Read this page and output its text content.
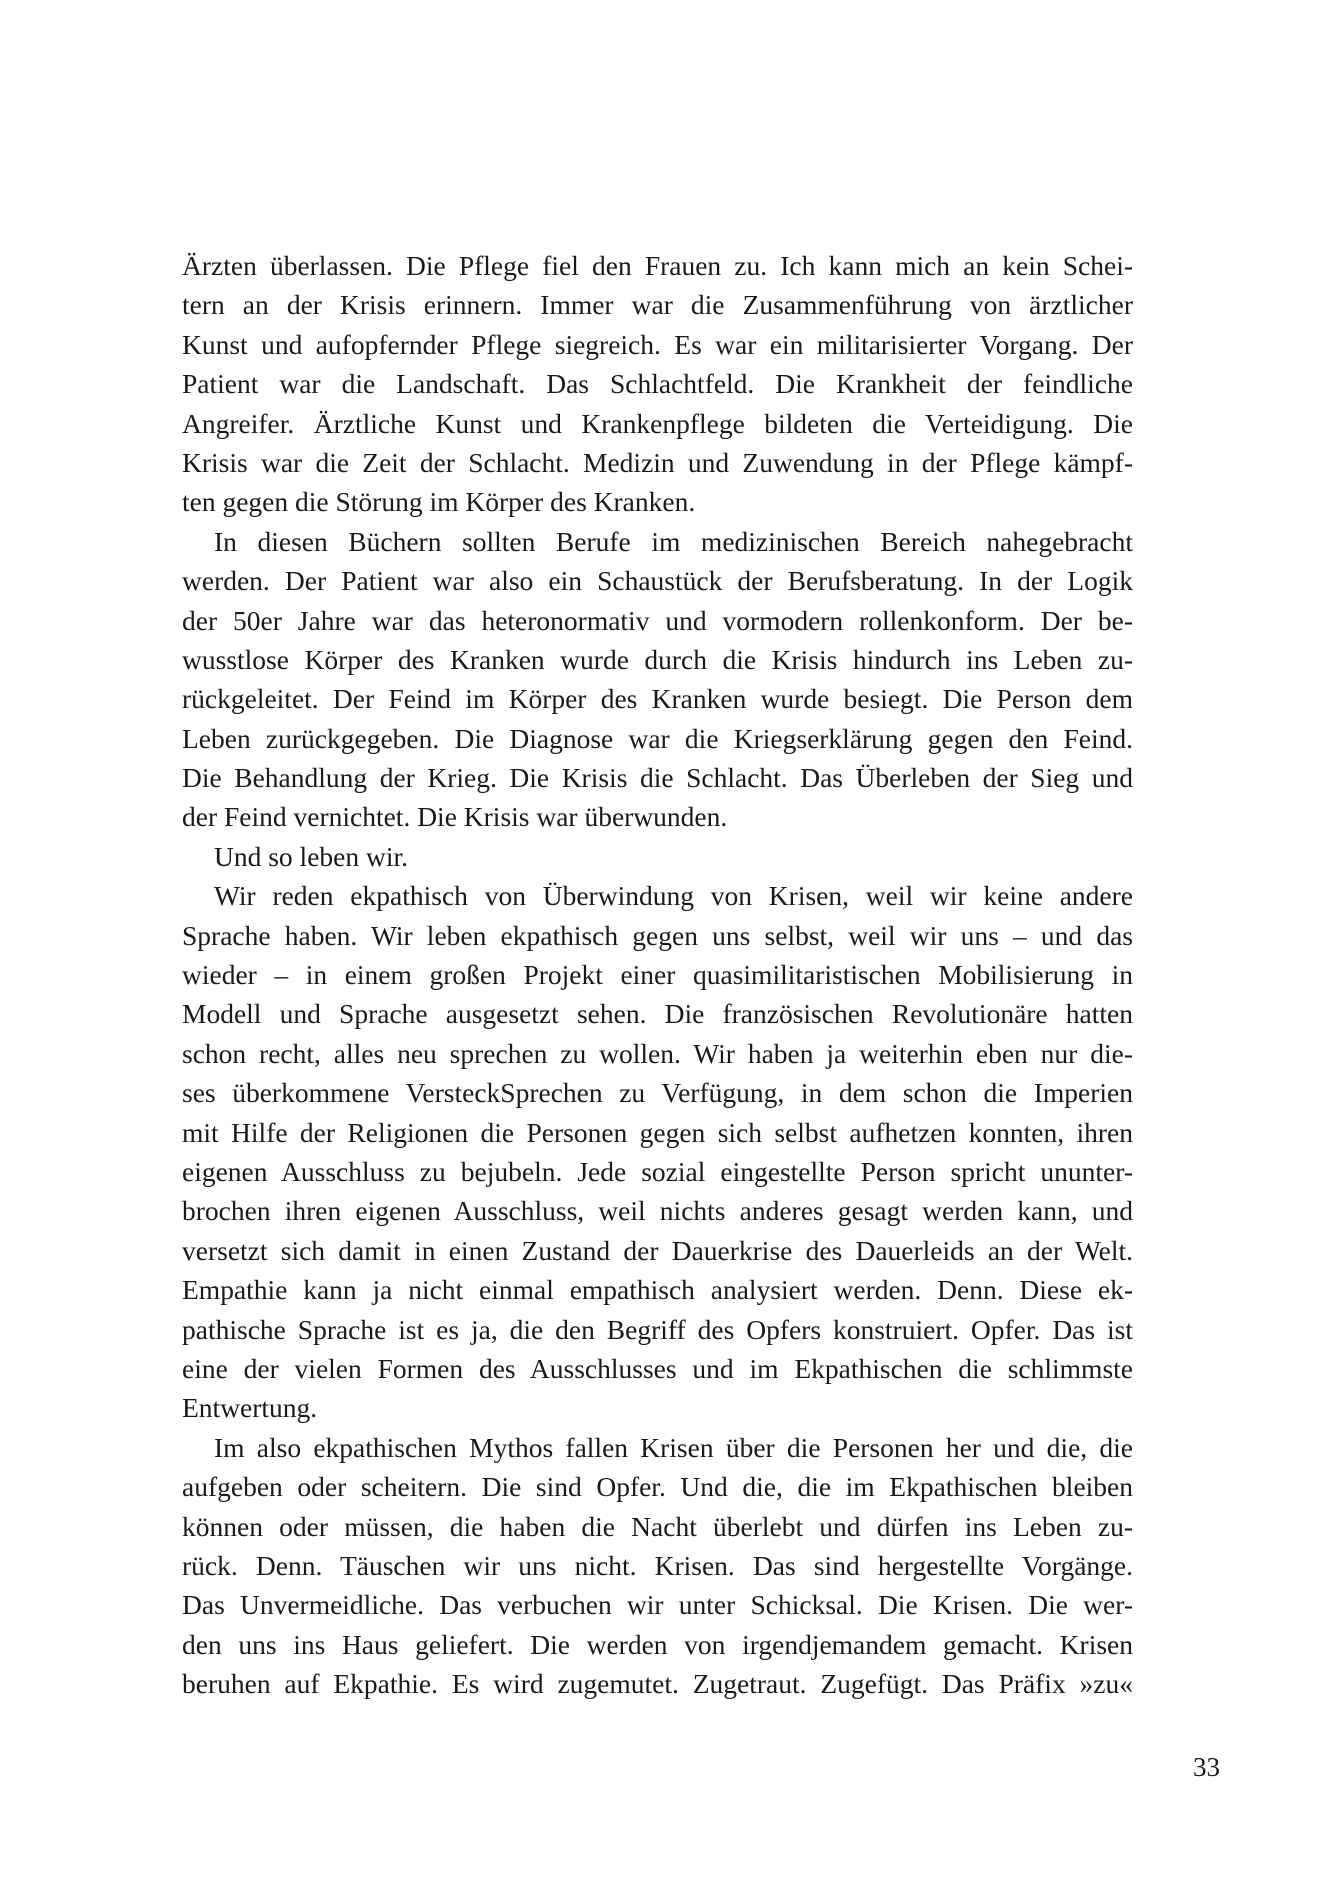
Ärzten überlassen. Die Pflege fiel den Frauen zu. Ich kann mich an kein Schei-
tern an der Krisis erinnern. Immer war die Zusammenführung von ärztlicher
Kunst und aufopfernder Pflege siegreich. Es war ein militarisierter Vorgang. Der
Patient war die Landschaft. Das Schlachtfeld. Die Krankheit der feindliche
Angreifer. Ärztliche Kunst und Krankenpflege bildeten die Verteidigung. Die
Krisis war die Zeit der Schlacht. Medizin und Zuwendung in der Pflege kämpf-
ten gegen die Störung im Körper des Kranken.
In diesen Büchern sollten Berufe im medizinischen Bereich nahegebracht
werden. Der Patient war also ein Schaustück der Berufsberatung. In der Logik
der 50er Jahre war das heteronormativ und vormodern rollenkonform. Der be-
wusstlose Körper des Kranken wurde durch die Krisis hindurch ins Leben zu-
rückgeleitet. Der Feind im Körper des Kranken wurde besiegt. Die Person dem
Leben zurückgegeben. Die Diagnose war die Kriegserklärung gegen den Feind.
Die Behandlung der Krieg. Die Krisis die Schlacht. Das Überleben der Sieg und
der Feind vernichtet. Die Krisis war überwunden.
Und so leben wir.
Wir reden ekpathisch von Überwindung von Krisen, weil wir keine andere
Sprache haben. Wir leben ekpathisch gegen uns selbst, weil wir uns – und das
wieder – in einem großen Projekt einer quasimilitaristischen Mobilisierung in
Modell und Sprache ausgesetzt sehen. Die französischen Revolutionäre hatten
schon recht, alles neu sprechen zu wollen. Wir haben ja weiterhin eben nur die-
ses überkommene VersteckSprechen zu Verfügung, in dem schon die Imperien
mit Hilfe der Religionen die Personen gegen sich selbst aufhetzen konnten, ihren
eigenen Ausschluss zu bejubeln. Jede sozial eingestellte Person spricht ununter-
brochen ihren eigenen Ausschluss, weil nichts anderes gesagt werden kann, und
versetzt sich damit in einen Zustand der Dauerkrise des Dauerleids an der Welt.
Empathie kann ja nicht einmal empathisch analysiert werden. Denn. Diese ek-
pathische Sprache ist es ja, die den Begriff des Opfers konstruiert. Opfer. Das ist
eine der vielen Formen des Ausschlusses und im Ekpathischen die schlimmste
Entwertung.
Im also ekpathischen Mythos fallen Krisen über die Personen her und die, die
aufgeben oder scheitern. Die sind Opfer. Und die, die im Ekpathischen bleiben
können oder müssen, die haben die Nacht überlebt und dürfen ins Leben zu-
rück. Denn. Täuschen wir uns nicht. Krisen. Das sind hergestellte Vorgänge.
Das Unvermeidliche. Das verbuchen wir unter Schicksal. Die Krisen. Die wer-
den uns ins Haus geliefert. Die werden von irgendjemandem gemacht. Krisen
beruhen auf Ekpathie. Es wird zugemutet. Zugetraut. Zugefügt. Das Präfix »zu«
33
